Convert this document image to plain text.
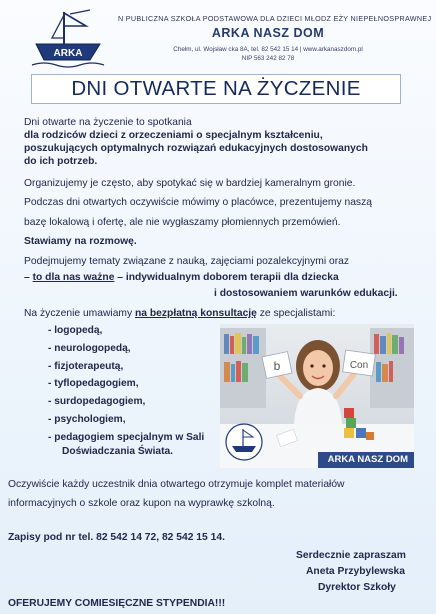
ARKA
N PUBLICZNA SZKOŁA PODSTAWOWA DLA DZIECI MŁODZ EŻY NIEPEŁNOSPRAWNEJ
ARKA NASZ DOM
Chełm, ul. Wojsław cka 8A, tel. 82 542 15 14 | www.arkanaszdom.pl
NIP 563 242 82 78
DNI OTWARTE NA ŻYCZENIE
Dni otwarte na życzenie to spotkania
dla rodziców dzieci z orzeczeniami o specjalnym kształceniu,
poszukujących optymalnych rozwiązań edukacyjnych dostosowanych
do ich potrzeb.
Organizujemy je często, aby spotykać się w bardziej kameralnym gronie.
Podczas dni otwartych oczywiście mówimy o placówce, prezentujemy naszą
bazę lokalową i ofertę, ale nie wygłaszamy płomiennych przemówień.
Stawiamy na rozmowę.
Podejmujemy tematy związane z nauką, zajęciami pozalekcyjnymi oraz
– to dla nas ważne – indywidualnym doborem terapii dla dziecka
i dostosowaniem warunków edukacji.
Na życzenie umawiamy na bezpłatną konsultację ze specjalistami:
- logopedą,
- neurologopedą,
- fizjoterapeutą,
- tyflopedagogiem,
- surdopedagogiem,
- psychologiem,
- pedagogiem specjalnym w Sali
Doświadczania Świata.
b	Con
ARKA NASZ DOM
Oczywiście każdy uczestnik dnia otwartego otrzymuje komplet materiałów
informacyjnych o szkole oraz kupon na wyprawkę szkolną.
Zapisy pod nr tel. 82 542 14 72, 82 542 15 14.
Serdecznie zapraszam
Aneta Przybylewska
Dyrektor Szkoły
OFERUJEMY COMIESIĘCZNE STYPENDIA!!!
